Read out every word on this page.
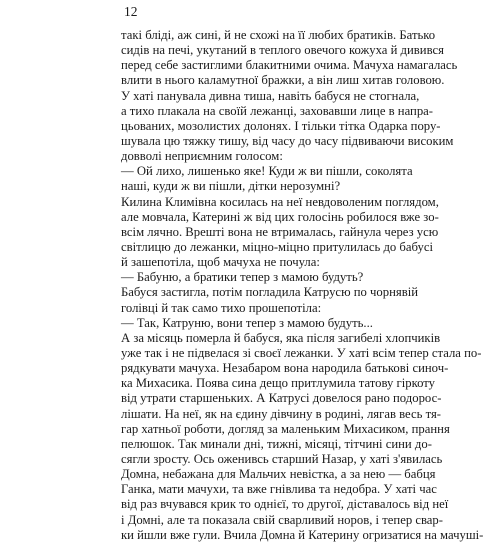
12
такі бліді, аж сині, й не схожі на її любих братиків. Батько
сидів на печі, укутаний в теплого овечого кожуха й дивився
перед себе застиглими блакитними очима. Мачуха намагалась
влити в нього каламутної бражки, а він лиш хитав головою.
У хаті панувала дивна тиша, навіть бабуся не стогнала,
а тихо плакала на своїй лежанці, заховавши лице в напра-
цьованих, мозолистих долонях. І тільки тітка Одарка пору-
шувала цю тяжку тишу, від часу до часу підвиваючи високим
довволі неприємним голосом:
— Ой лихо, лишенько яке! Куди ж ви пішли, соколята
наші, куди ж ви пішли, дітки нерозумні?
Килина Климівна косилась на неї невдоволеним поглядом,
але мовчала, Катерині ж від цих голосінь робилося вже зо-
всім лячно. Врешті вона не втрималась, гайнула через усю
світлицю до лежанки, міцно-міцно притулилась до бабусі
й зашепотіла, щоб мачуха не почула:
— Бабуню, а братики тепер з мамою будуть?
Бабуся застигла, потім погладила Катрусю по чорнявій
голівці й так само тихо прошепотіла:
— Так, Катруню, вони тепер з мамою будуть...
А за місяць померла й бабуся, яка після загибелі хлопчиків
уже так і не підвелася зі своєї лежанки. У хаті всім тепер стала по-
рядкувати мачуха. Незабаром вона народила батькові синоч-
ка Михасика. Поява сина дещо притлумила татову гіркоту
від утрати старшеньких. А Катрусі довелося рано подорос-
лішати. На неї, як на єдину дівчину в родині, лягав весь тя-
гар хатньої роботи, догляд за маленьким Михасиком, прання
пелюшок. Так минали дні, тижні, місяці, тітчині сини до-
сягли зросту. Ось оженивсь старший Назар, у хаті з'явилась
Домна, небажана для Мальчих невістка, а за нею — бабця
Ганка, мати мачухи, та вже гнівлива та недобра. У хаті час
від раз вчувався крик то однієї, то другої, діставалось від неї
і Домні, але та показала свій сварливий норов, і тепер свар-
ки йшли вже гули. Вчила Домна й Катерину огризатися на мачуші-
